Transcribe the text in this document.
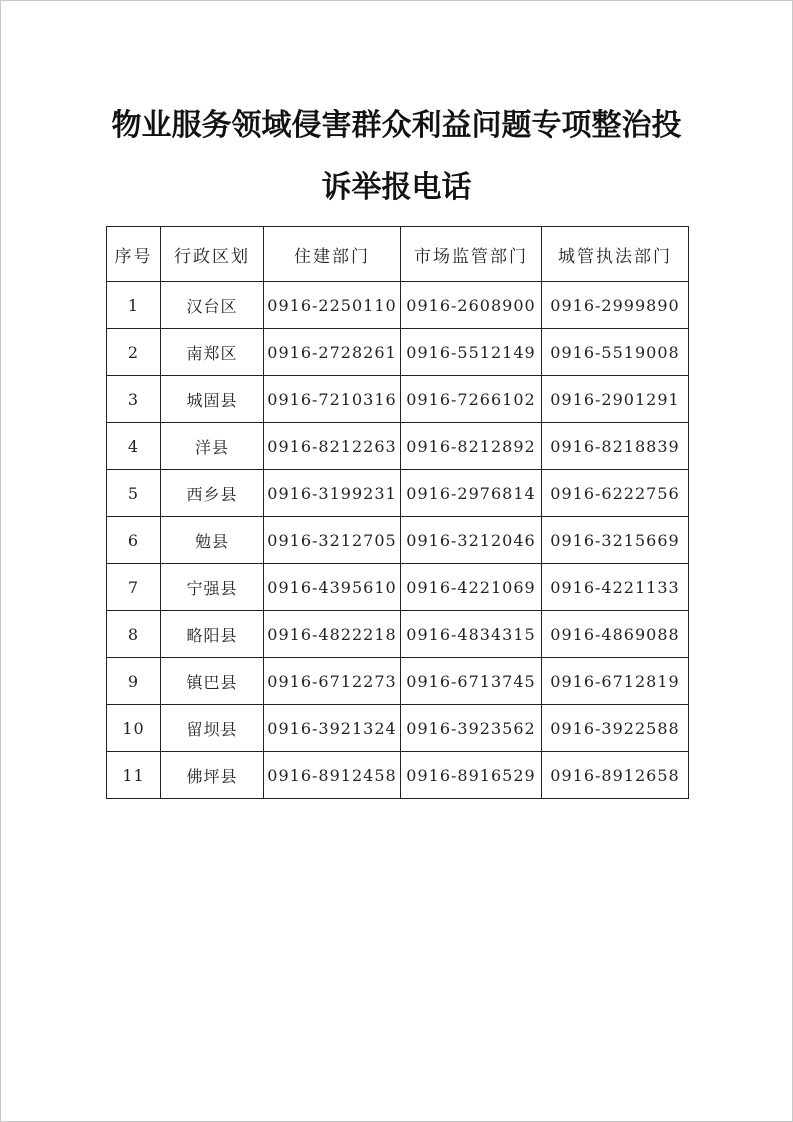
物业服务领域侵害群众利益问题专项整治投
诉举报电话
序号	行政区划	住建部门	市场监管部门	城管执法部门
1	汉台区	0916-2250110	0916-2608900	0916-2999890
2	南郑区	0916-2728261	0916-5512149	0916-5519008
3	城固县	0916-7210316	0916-7266102	0916-2901291
4	洋县	0916-8212263	0916-8212892	0916-8218839
5	西乡县	0916-3199231	0916-2976814	0916-6222756
6	勉县	0916-3212705	0916-3212046	0916-3215669
7	宁强县	0916-4395610	0916-4221069	0916-4221133
8	略阳县	0916-4822218	0916-4834315	0916-4869088
9	镇巴县	0916-6712273	0916-6713745	0916-6712819
10	留坝县	0916-3921324	0916-3923562	0916-3922588
11	佛坪县	0916-8912458	0916-8916529	0916-8912658
